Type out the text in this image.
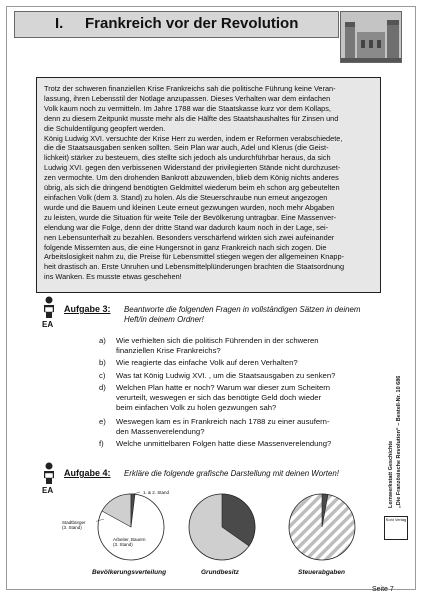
I. Frankreich vor der Revolution

Trotz der schweren finanziellen Krise Frankreichs sah die politische Führung keine Veran-
lassung, ihren Lebensstil der Notlage anzupassen. Dieses Verhalten war dem einfachen
Volk kaum noch zu vermitteln. Im Jahre 1788 war die Staatskasse kurz vor dem Kollaps,
denn zu diesem Zeitpunkt musste mehr als die Hälfte des Staatshaushaltes für Zinsen und
die Schuldentilgung geopfert werden.
König Ludwig XVI. versuchte der Krise Herr zu werden, indem er Reformen verabschiedete,
die die Staatsausgaben senken sollten. Sein Plan war auch, Adel und Klerus (die Geist-
lichkeit) stärker zu besteuern, dies stellte sich jedoch als undurchführbar heraus, da sich
Ludwig XVI. gegen den verbissenen Widerstand der privilegierten Stände nicht durchzuset-
zen vermochte. Um den drohenden Bankrott abzuwenden, blieb dem König nichts anderes
übrig, als sich die dringend benötigten Geldmittel wiederum beim eh schon arg gebeutelten
einfachen Volk (dem 3. Stand) zu holen. Als die Steuerschraube nun erneut angezogen
wurde und die Bauern und kleinen Leute erneut gezwungen wurden, noch mehr Abgaben
zu leisten, wurde die Situation für weite Teile der Bevölkerung untragbar. Eine Massenver-
elendung war die Folge, denn der dritte Stand war dadurch kaum noch in der Lage, sei-
nen Lebensunterhalt zu bezahlen. Besonders verschärfend wirkten sich zwei aufeinander
folgende Missernten aus, die eine Hungersnot in ganz Frankreich nach sich zogen. Die
Arbeitslosigkeit nahm zu, die Preise für Lebensmittel stiegen wegen der allgemeinen Knapp-
heit drastisch an. Erste Unruhen und Lebensmittelplünderungen brachten die Staatsordnung
ins Wanken. Es musste etwas geschehen!

EA
Aufgabe 3: Beantworte die folgenden Fragen in vollständigen Sätzen in deinem
Heft/in deinem Ordner!
a) Wie verhielten sich die politisch Führenden in der schweren
finanziellen Krise Frankreichs?
b) Wie reagierte das einfache Volk auf deren Verhalten?
c) Was tat König Ludwig XVI. , um die Staatsausgaben zu senken?
d) Welchen Plan hatte er noch? Warum war dieser zum Scheitern
verurteilt, weswegen er sich das benötigte Geld doch wieder
beim einfachen Volk zu holen gezwungen sah?
e) Weswegen kam es in Frankreich nach 1788 zu einer ausufern-
den Massenverelendung?
f) Welche unmittelbaren Folgen hatte diese Massenverelendung?
EA
Aufgabe 4: Erkläre die folgende grafische Darstellung mit deinen Worten!
1. & 2. Stand
Stadtbürger
(3. Stand)
Arbeiter, Bauern
(3. Stand)
Bevölkerungsverteilung	Grundbesitz	Steuerabgaben
Lernwerkstatt Geschichte „Die Französische Revolution“ – Bestell-Nr. 10 686
Kohl Verlag
Seite 7
